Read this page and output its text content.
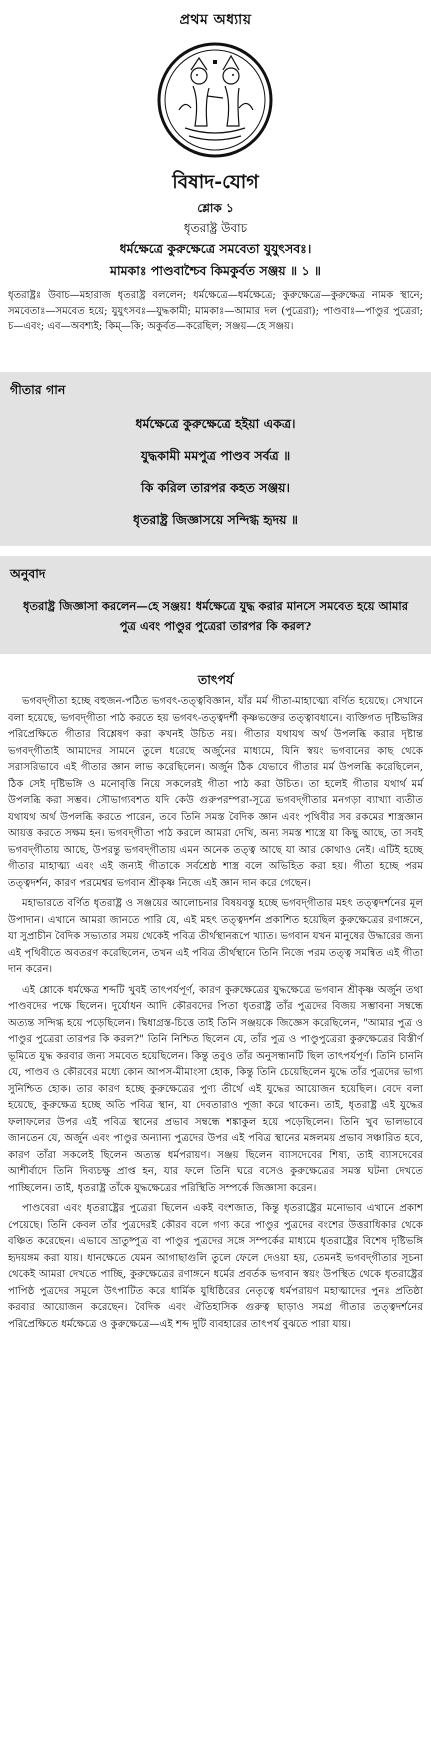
প্রথম অধ্যায়
বিষাদ-যোগ
শ্লোক ১
ধৃতরাষ্ট্র উবাচ
ধর্মক্ষেত্রে কুরুক্ষেত্রে সমবেতা যুযুৎসবঃ।
মামকাঃ পাণ্ডবাশ্চৈব কিমকুর্বত সঞ্জয় ॥ ১ ॥
ধৃতরাষ্ট্রঃ উবাচ—মহারাজ ধৃতরাষ্ট্র বললেন; ধর্মক্ষেত্রে—ধর্মক্ষেত্রে; কুরুক্ষেত্রে—কুরুক্ষেত্র নামক স্থানে; সমবেতাঃ—সমবেত হয়ে; যুযুৎসবঃ—যুদ্ধকামী; মামকাঃ—আমার দল (পুত্রেরা); পাণ্ডবাঃ—পাণ্ডুর পুত্রেরা; চ—এবং; এব—অবশ্যই; কিম্—কি; অকুর্বত—করেছিল; সঞ্জয়—হে সঞ্জয়।
গীতার গান
ধর্মক্ষেত্রে কুরুক্ষেত্রে হইয়া একত্র।
যুদ্ধকামী মমপুত্র পাণ্ডব সর্বত্র ॥
কি করিল তারপর কহত সঞ্জয়।
ধৃতরাষ্ট্র জিজ্ঞাসয়ে সন্দিগ্ধ হৃদয় ॥
অনুবাদ
ধৃতরাষ্ট্র জিজ্ঞাসা করলেন—হে সঞ্জয়! ধর্মক্ষেত্রে যুদ্ধ করার মানসে সমবেত হয়ে আমার পুত্র এবং পাণ্ডুর পুত্রেরা তারপর কি করল?
তাৎপর্য

ভগবদ্‌গীতা হচ্ছে বহুজন-পঠিত ভগবৎ-তত্ত্ববিজ্ঞান, যাঁর মর্ম গীতা-মাহাত্ম্যে বর্ণিত হয়েছে। সেখানে বলা হয়েছে, ভগবদ্‌গীতা পাঠ করতে হয় ভগবৎ-তত্ত্বদর্শী কৃষ্ণভক্তের তত্ত্বাবধানে। ব্যক্তিগত দৃষ্টিভঙ্গির পরিপ্রেক্ষিতে গীতার বিশ্লেষণ করা কখনই উচিত নয়। গীতার যথাযথ অর্থ উপলব্ধি করার দৃষ্টান্ত ভগবদ্‌গীতাই আমাদের সামনে তুলে ধরেছে অর্জুনের মাধ্যমে, যিনি স্বয়ং ভগবানের কাছ থেকে সরাসরিভাবে এই গীতার জ্ঞান লাভ করেছিলেন। অর্জুন ঠিক যেভাবে গীতার মর্ম উপলব্ধি করেছিলেন, ঠিক সেই দৃষ্টিভঙ্গি ও মনোবৃত্তি নিয়ে সকলেরই গীতা পাঠ করা উচিত। তা হলেই গীতার যথার্থ মর্ম উপলব্ধি করা সম্ভব। সৌভাগ্যবশত যদি কেউ গুরুপরম্পরা-সূত্রে ভগবদ্‌গীতার মনগড়া ব্যাখ্যা ব্যতীত যথাযথ অর্থ উপলব্ধি করতে পারেন, তবে তিনি সমস্ত বৈদিক জ্ঞান এবং পৃথিবীর সব রকমের শাস্ত্রজ্ঞান আয়ত্ত করতে সক্ষম হন। ভগবদ্‌গীতা পাঠ করলে আমরা দেখি, অন্য সমস্ত শাস্ত্রে যা কিছু আছে, তা সবই ভগবদ্‌গীতায় আছে, উপরন্তু ভগবদ্‌গীতায় এমন অনেক তত্ত্ব আছে যা আর কোথাও নেই। এটিই হচ্ছে গীতার মাহাত্ম্য এবং এই জন্যই গীতাকে সর্বশ্রেষ্ঠ শাস্ত্র বলে অভিহিত করা হয়। গীতা হচ্ছে পরম তত্ত্বদর্শন, কারণ পরমেশ্বর ভগবান শ্রীকৃষ্ণ নিজে এই জ্ঞান দান করে গেছেন।

মহাভারতে বর্ণিত ধৃতরাষ্ট্র ও সঞ্জয়ের আলোচনার বিষয়বস্তু হচ্ছে ভগবদ্‌গীতার মহৎ তত্ত্বদর্শনের মূল উপাদান। এখানে আমরা জানতে পারি যে, এই মহৎ তত্ত্বদর্শন প্রকাশিত হয়েছিল কুরুক্ষেত্রের রণাঙ্গনে, যা সুপ্রাচীন বৈদিক সভ্যতার সময় থেকেই পবিত্র তীর্থস্থানরূপে খ্যাত। ভগবান যখন মানুষের উদ্ধারের জন্য এই পৃথিবীতে অবতরণ করেছিলেন, তখন এই পবিত্র তীর্থস্থানে তিনি নিজে পরম তত্ত্ব সমন্বিত এই গীতা দান করেন।

এই শ্লোকে ধর্মক্ষেত্র শব্দটি খুবই তাৎপর্যপূর্ণ, কারণ কুরুক্ষেত্রের যুদ্ধক্ষেত্রে ভগবান শ্রীকৃষ্ণ অর্জুন তথা পাণ্ডবদের পক্ষে ছিলেন। দুর্যোধন আদি কৌরবদের পিতা ধৃতরাষ্ট্র তাঁর পুত্রদের বিজয় সম্ভাবনা সম্বন্ধে অত্যন্ত সন্দিগ্ধ হয়ে পড়েছিলেন। দ্বিধাগ্রস্ত-চিত্তে তাই তিনি সঞ্জয়কে জিজ্ঞেস করেছিলেন, "আমার পুত্র ও পাণ্ডুর পুত্রেরা তারপর কি করল?" তিনি নিশ্চিত ছিলেন যে, তাঁর পুত্র ও পাণ্ডুপুত্রেরা কুরুক্ষেত্রের বিস্তীর্ণ ভূমিতে যুদ্ধ করবার জন্য সমবেত হয়েছিলেন। কিন্তু তবুও তাঁর অনুসন্ধানটি ছিল তাৎপর্যপূর্ণ। তিনি চাননি যে, পাণ্ডব ও কৌরবের মধ্যে কোন আপস-মীমাংসা হোক, কিন্তু তিনি চেয়েছিলেন যুদ্ধে তাঁর পুত্রদের ভাগ্য সুনিশ্চিত হোক। তার কারণ হচ্ছে কুরুক্ষেত্রের পুণ্য তীর্থে এই যুদ্ধের আয়োজন হয়েছিল। বেদে বলা হয়েছে, কুরুক্ষেত্র হচ্ছে অতি পবিত্র স্থান, যা দেবতারাও পূজা করে থাকেন। তাই, ধৃতরাষ্ট্র এই যুদ্ধের ফলাফলের উপর এই পবিত্র স্থানের প্রভাব সম্বন্ধে শঙ্কাকুল হয়ে পড়েছিলেন। তিনি খুব ভালভাবে জানতেন যে, অর্জুন এবং পাণ্ডুর অন্যান্য পুত্রদের উপর এই পবিত্র স্থানের মঙ্গলময় প্রভাব সঞ্চারিত হবে, কারণ তাঁরা সকলেই ছিলেন অত্যন্ত ধর্মপরায়ণ। সঞ্জয় ছিলেন ব্যাসদেবের শিষ্য, তাই ব্যাসদেবের আশীর্বাদে তিনি দিব্যচক্ষু প্রাপ্ত হন, যার ফলে তিনি ঘরে বসেও কুরুক্ষেত্রের সমস্ত ঘটনা দেখতে পাচ্ছিলেন। তাই, ধৃতরাষ্ট্র তাঁকে যুদ্ধক্ষেত্রের পরিস্থিতি সম্পর্কে জিজ্ঞাসা করেন।

পাণ্ডবেরা এবং ধৃতরাষ্ট্রের পুত্রেরা ছিলেন একই বংশজাত, কিন্তু ধৃতরাষ্ট্রের মনোভাব এখানে প্রকাশ পেয়েছে। তিনি কেবল তাঁর পুত্রদেরই কৌরব বলে গণ্য করে পাণ্ডুর পুত্রদের বংশের উত্তরাধিকার থেকে বঞ্চিত করেছেন। এভাবে ভ্রাতুষ্পুত্র বা পাণ্ডুর পুত্রদের সঙ্গে সম্পর্কের মাধ্যমে ধৃতরাষ্ট্রের বিশেষ দৃষ্টিভঙ্গি হৃদয়ঙ্গম করা যায়। ধানক্ষেতে যেমন আগাছাগুলি তুলে ফেলে দেওয়া হয়, তেমনই ভগবদ্‌গীতার সূচনা থেকেই আমরা দেখতে পাচ্ছি, কুরুক্ষেত্রের রণাঙ্গনে ধর্মের প্রবর্তক ভগবান স্বয়ং উপস্থিত থেকে ধৃতরাষ্ট্রের পাপিষ্ঠ পুত্রদের সমূলে উৎপাটিত করে ধার্মিক যুধিষ্ঠিরের নেতৃত্বে ধর্মপরায়ণ মহাত্মাদের পুনঃ প্রতিষ্ঠা করবার আয়োজন করেছেন। বৈদিক এবং ঐতিহাসিক গুরুত্ব ছাড়াও সমগ্র গীতার তত্ত্বদর্শনের পরিপ্রেক্ষিতে ধর্মক্ষেত্রে ও কুরুক্ষেত্রে—এই শব্দ দুটি ব্যবহারের তাৎপর্য বুঝতে পারা যায়।
